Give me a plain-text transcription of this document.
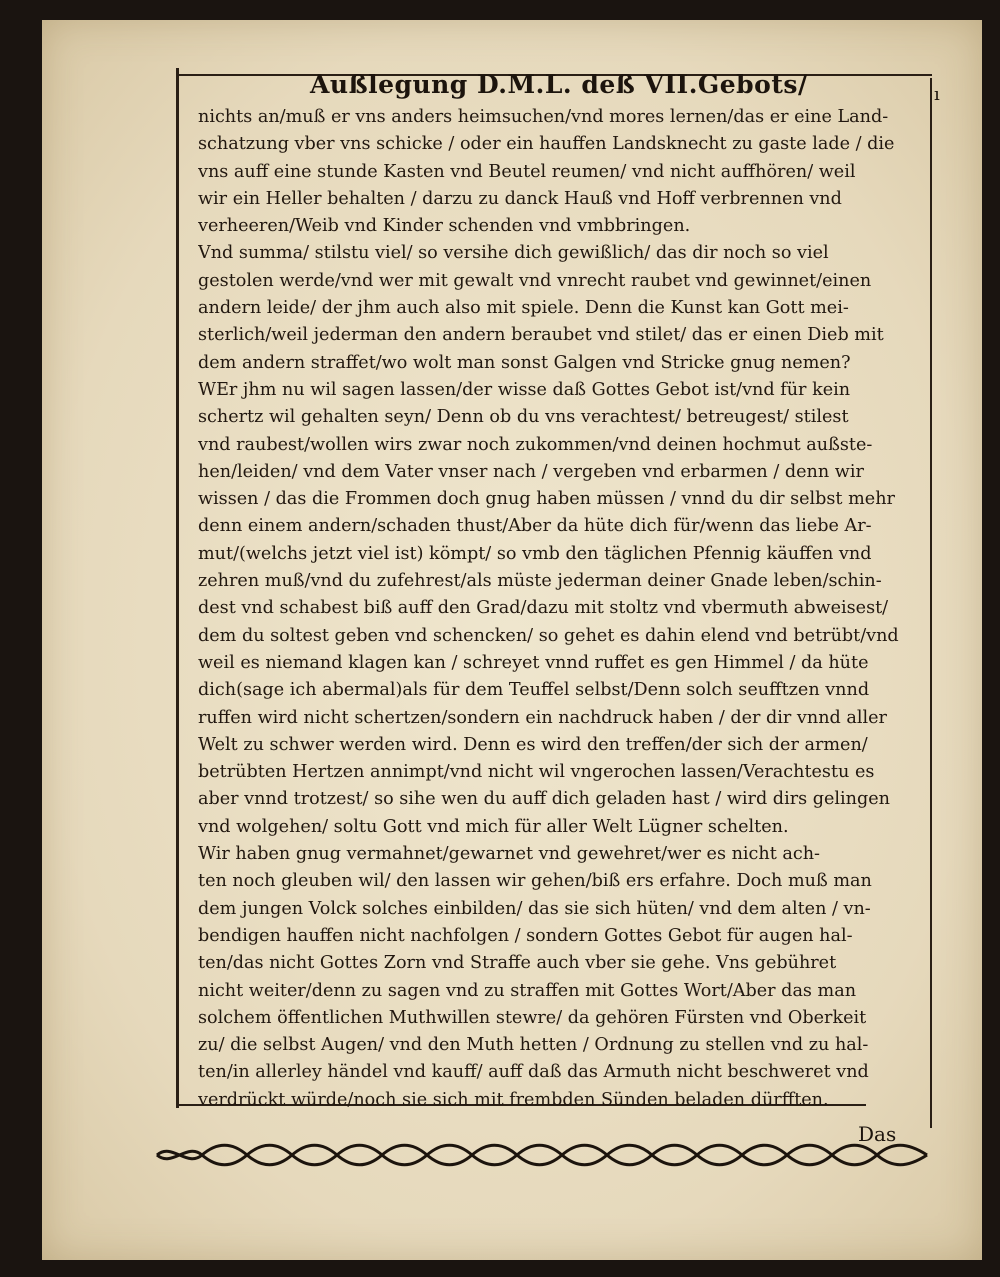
ı
Außlegung D.M.L. deß VII.Gebots/
nichts an/muß er vns anders heimsuchen/vnd mores lernen/das er eine Land-
schatzung vber vns schicke / oder ein hauffen Landsknecht zu gaste lade / die
vns auff eine stunde Kasten vnd Beutel reumen/ vnd nicht auffhören/ weil
wir ein Heller behalten / darzu zu danck Hauß vnd Hoff verbrennen vnd
verheeren/Weib vnd Kinder schenden vnd vmbbringen.
Vnd summa/ stilstu viel/ so versihe dich gewißlich/ das dir noch so viel
gestolen werde/vnd wer mit gewalt vnd vnrecht raubet vnd gewinnet/einen
andern leide/ der jhm auch also mit spiele. Denn die Kunst kan Gott mei-
sterlich/weil jederman den andern beraubet vnd stilet/ das er einen Dieb mit
dem andern straffet/wo wolt man sonst Galgen vnd Stricke gnug nemen?
WEr jhm nu wil sagen lassen/der wisse daß Gottes Gebot ist/vnd für kein
schertz wil gehalten seyn/ Denn ob du vns verachtest/ betreugest/ stilest
vnd raubest/wollen wirs zwar noch zukommen/vnd deinen hochmut außste-
hen/leiden/ vnd dem Vater vnser nach / vergeben vnd erbarmen / denn wir
wissen / das die Frommen doch gnug haben müssen / vnnd du dir selbst mehr
denn einem andern/schaden thust/Aber da hüte dich für/wenn das liebe Ar-
mut/(welchs jetzt viel ist) kömpt/ so vmb den täglichen Pfennig käuffen vnd
zehren muß/vnd du zufehrest/als müste jederman deiner Gnade leben/schin-
dest vnd schabest biß auff den Grad/dazu mit stoltz vnd vbermuth abweisest/
dem du soltest geben vnd schencken/ so gehet es dahin elend vnd betrübt/vnd
weil es niemand klagen kan / schreyet vnnd ruffet es gen Himmel / da hüte
dich(sage ich abermal)als für dem Teuffel selbst/Denn solch seufftzen vnnd
ruffen wird nicht schertzen/sondern ein nachdruck haben / der dir vnnd aller
Welt zu schwer werden wird. Denn es wird den treffen/der sich der armen/
betrübten Hertzen annimpt/vnd nicht wil vngerochen lassen/Verachtestu es
aber vnnd trotzest/ so sihe wen du auff dich geladen hast / wird dirs gelingen
vnd wolgehen/ soltu Gott vnd mich für aller Welt Lügner schelten.
Wir haben gnug vermahnet/gewarnet vnd gewehret/wer es nicht ach-
ten noch gleuben wil/ den lassen wir gehen/biß ers erfahre. Doch muß man
dem jungen Volck solches einbilden/ das sie sich hüten/ vnd dem alten / vn-
bendigen hauffen nicht nachfolgen / sondern Gottes Gebot für augen hal-
ten/das nicht Gottes Zorn vnd Straffe auch vber sie gehe. Vns gebühret
nicht weiter/denn zu sagen vnd zu straffen mit Gottes Wort/Aber das man
solchem öffentlichen Muthwillen stewre/ da gehören Fürsten vnd Oberkeit
zu/ die selbst Augen/ vnd den Muth hetten / Ordnung zu stellen vnd zu hal-
ten/in allerley händel vnd kauff/ auff daß das Armuth nicht beschweret vnd
verdrückt würde/noch sie sich mit frembden Sünden beladen dürfften.
Das
